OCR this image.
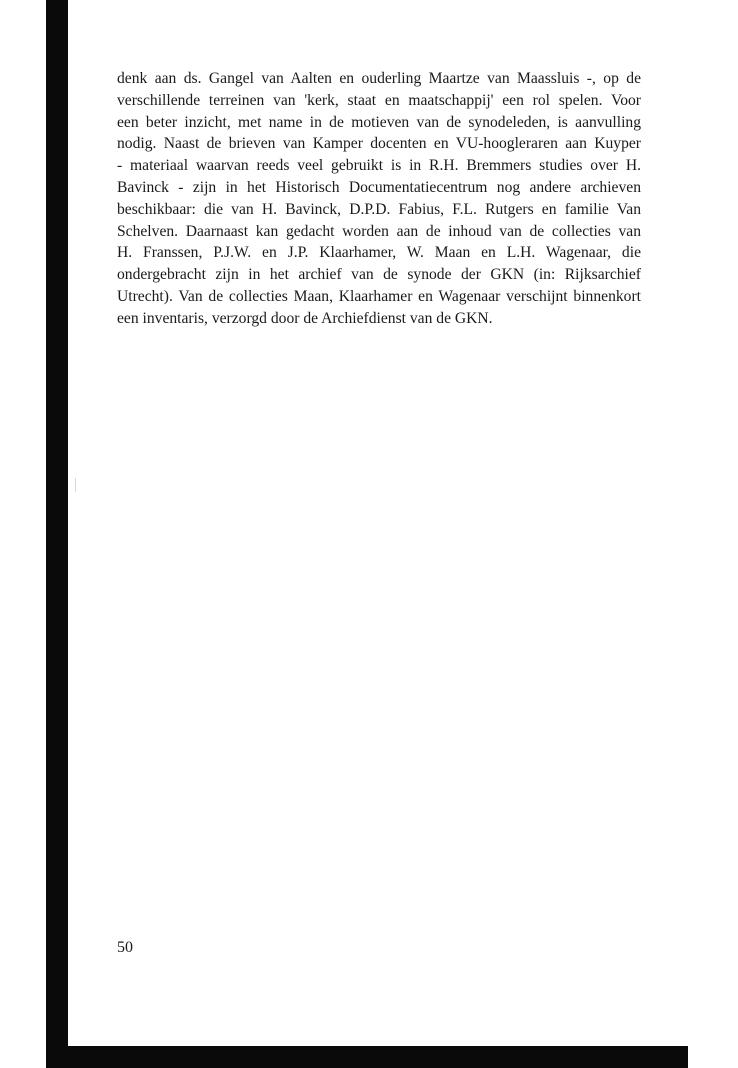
denk aan ds. Gangel van Aalten en ouderling Maartze van Maassluis -, op de
verschillende terreinen van 'kerk, staat en maatschappij' een rol spelen. Voor
een beter inzicht, met name in de motieven van de synodeleden, is aanvulling
nodig. Naast de brieven van Kamper docenten en VU-hoogleraren aan Kuyper
- materiaal waarvan reeds veel gebruikt is in R.H. Bremmers studies over H.
Bavinck - zijn in het Historisch Documentatiecentrum nog andere archieven
beschikbaar: die van H. Bavinck, D.P.D. Fabius, F.L. Rutgers en familie Van
Schelven. Daarnaast kan gedacht worden aan de inhoud van de collecties van
H. Franssen, P.J.W. en J.P. Klaarhamer, W. Maan en L.H. Wagenaar, die
ondergebracht zijn in het archief van de synode der GKN (in: Rijksarchief
Utrecht). Van de collecties Maan, Klaarhamer en Wagenaar verschijnt binnenkort
een inventaris, verzorgd door de Archiefdienst van de GKN.

50
